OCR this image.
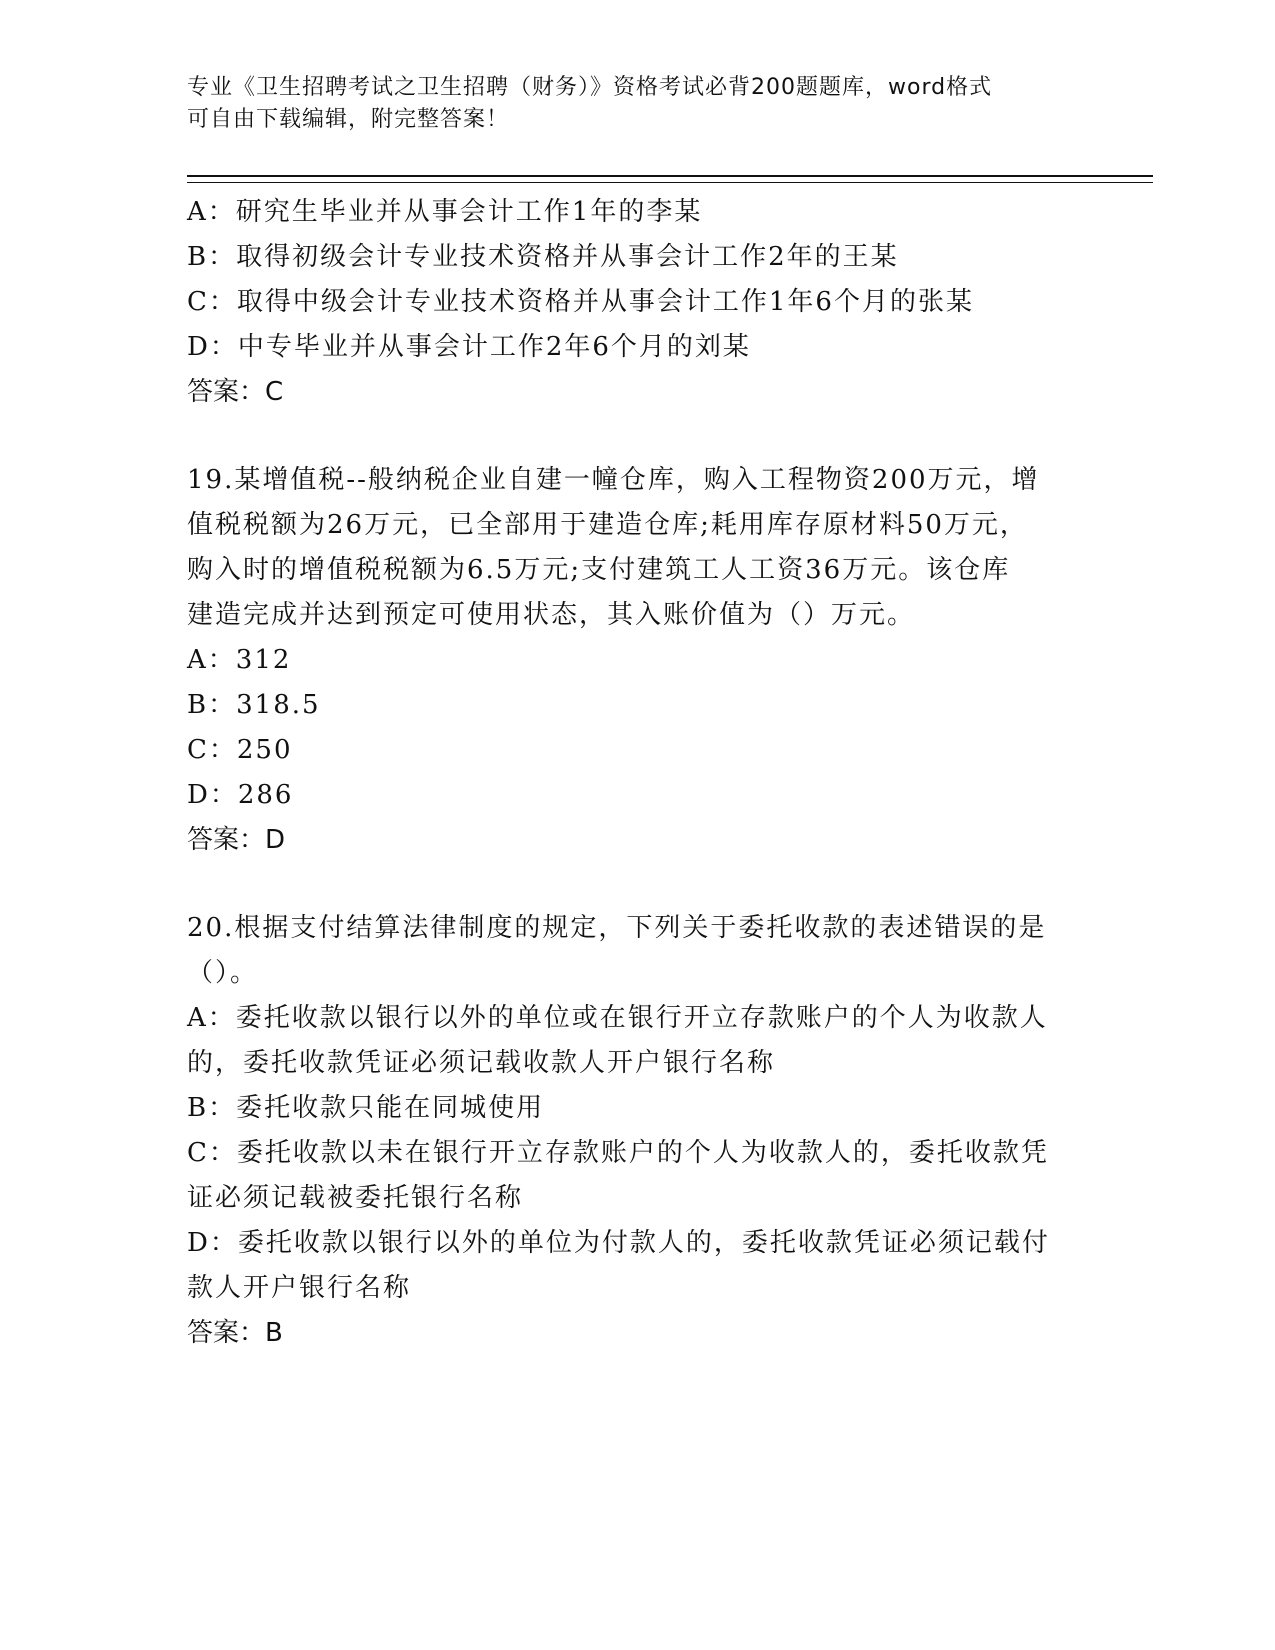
专业《卫生招聘考试之卫生招聘（财务）》资格考试必背200题题库，word格式
可自由下载编辑，附完整答案！
A：研究生毕业并从事会计工作1年的李某
B：取得初级会计专业技术资格并从事会计工作2年的王某
C：取得中级会计专业技术资格并从事会计工作1年6个月的张某
D：中专毕业并从事会计工作2年6个月的刘某
答案：C
19.某增值税--般纳税企业自建一幢仓库，购入工程物资200万元，增
值税税额为26万元，已全部用于建造仓库;耗用库存原材料50万元，
购入时的增值税税额为6.5万元;支付建筑工人工资36万元。该仓库
建造完成并达到预定可使用状态，其入账价值为（）万元。
A：312
B：318.5
C：250
D：286
答案：D
20.根据支付结算法律制度的规定，下列关于委托收款的表述错误的是
（）。
A：委托收款以银行以外的单位或在银行开立存款账户的个人为收款人
的，委托收款凭证必须记载收款人开户银行名称
B：委托收款只能在同城使用
C：委托收款以未在银行开立存款账户的个人为收款人的，委托收款凭
证必须记载被委托银行名称
D：委托收款以银行以外的单位为付款人的，委托收款凭证必须记载付
款人开户银行名称
答案：B
